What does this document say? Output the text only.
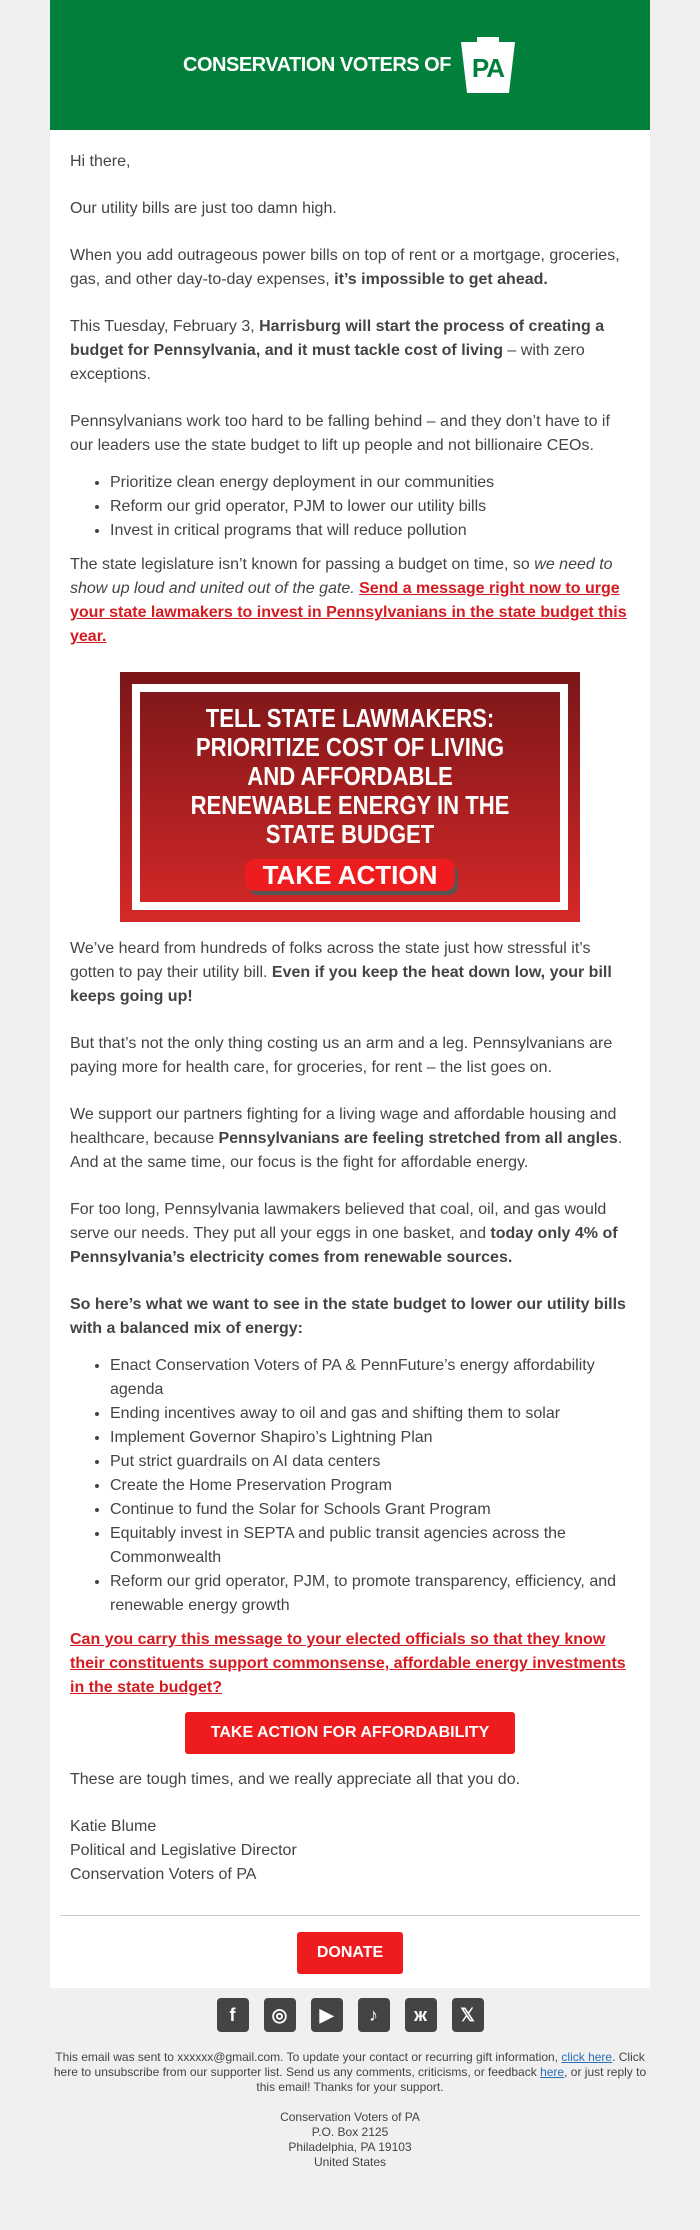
CONSERVATION VOTERS OF PA

Hi there,

Our utility bills are just too damn high.

When you add outrageous power bills on top of rent or a mortgage, groceries, gas, and other day-to-day expenses, it’s impossible to get ahead.

This Tuesday, February 3, Harrisburg will start the process of creating a budget for Pennsylvania, and it must tackle cost of living – with zero exceptions.

Pennsylvanians work too hard to be falling behind – and they don’t have to if our leaders use the state budget to lift up people and not billionaire CEOs.

• Prioritize clean energy deployment in our communities
• Reform our grid operator, PJM to lower our utility bills
• Invest in critical programs that will reduce pollution

The state legislature isn’t known for passing a budget on time, so we need to show up loud and united out of the gate. Send a message right now to urge your state lawmakers to invest in Pennsylvanians in the state budget this year.

TELL STATE LAWMAKERS: PRIORITIZE COST OF LIVING AND AFFORDABLE RENEWABLE ENERGY IN THE STATE BUDGET
TAKE ACTION

We’ve heard from hundreds of folks across the state just how stressful it’s gotten to pay their utility bill. Even if you keep the heat down low, your bill keeps going up!

But that’s not the only thing costing us an arm and a leg. Pennsylvanians are paying more for health care, for groceries, for rent – the list goes on.

We support our partners fighting for a living wage and affordable housing and healthcare, because Pennsylvanians are feeling stretched from all angles. And at the same time, our focus is the fight for affordable energy.

For too long, Pennsylvania lawmakers believed that coal, oil, and gas would serve our needs. They put all your eggs in one basket, and today only 4% of Pennsylvania’s electricity comes from renewable sources.

So here’s what we want to see in the state budget to lower our utility bills with a balanced mix of energy:

• Enact Conservation Voters of PA & PennFuture’s energy affordability agenda
• Ending incentives away to oil and gas and shifting them to solar
• Implement Governor Shapiro’s Lightning Plan
• Put strict guardrails on AI data centers
• Create the Home Preservation Program
• Continue to fund the Solar for Schools Grant Program
• Equitably invest in SEPTA and public transit agencies across the Commonwealth
• Reform our grid operator, PJM, to promote transparency, efficiency, and renewable energy growth

Can you carry this message to your elected officials so that they know their constituents support commonsense, affordable energy investments in the state budget?

TAKE ACTION FOR AFFORDABILITY

These are tough times, and we really appreciate all that you do.

Katie Blume
Political and Legislative Director
Conservation Voters of PA

DONATE
f	◎	▶	♪	ж	𝕏
This email was sent to xxxxxx@gmail.com. To update your contact or recurring gift information, click here. Click here to unsubscribe from our supporter list. Send us any comments, criticisms, or feedback here, or just reply to this email! Thanks for your support.
Conservation Voters of PA
P.O. Box 2125
Philadelphia, PA 19103
United States
